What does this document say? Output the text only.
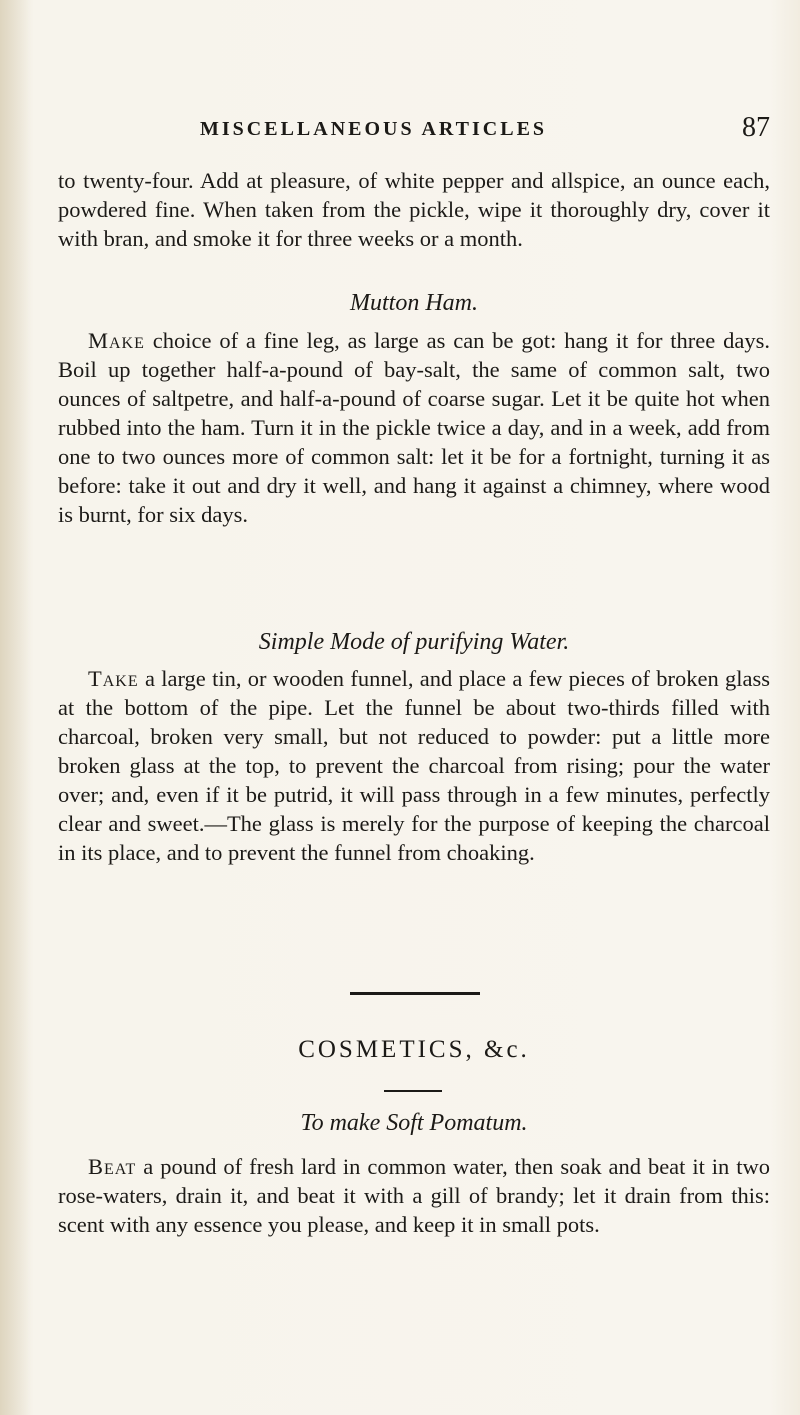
MISCELLANEOUS ARTICLES	87

to twenty-four. Add at pleasure, of white pepper and allspice, an ounce each, powdered fine. When taken from the pickle, wipe it thoroughly dry, cover it with bran, and smoke it for three weeks or a month.

Mutton Ham.

Make choice of a fine leg, as large as can be got: hang it for three days. Boil up together half-a-pound of bay-salt, the same of common salt, two ounces of saltpetre, and half-a-pound of coarse sugar. Let it be quite hot when rubbed into the ham. Turn it in the pickle twice a day, and in a week, add from one to two ounces more of common salt: let it be for a fortnight, turning it as before: take it out and dry it well, and hang it against a chimney, where wood is burnt, for six days.

Simple Mode of purifying Water.

Take a large tin, or wooden funnel, and place a few pieces of broken glass at the bottom of the pipe. Let the funnel be about two-thirds filled with charcoal, broken very small, but not reduced to powder: put a little more broken glass at the top, to prevent the charcoal from rising; pour the water over; and, even if it be putrid, it will pass through in a few minutes, perfectly clear and sweet.—The glass is merely for the purpose of keeping the charcoal in its place, and to prevent the funnel from choaking.

COSMETICS, &c.
To make Soft Pomatum.

Beat a pound of fresh lard in common water, then soak and beat it in two rose-waters, drain it, and beat it with a gill of brandy; let it drain from this: scent with any essence you please, and keep it in small pots.
